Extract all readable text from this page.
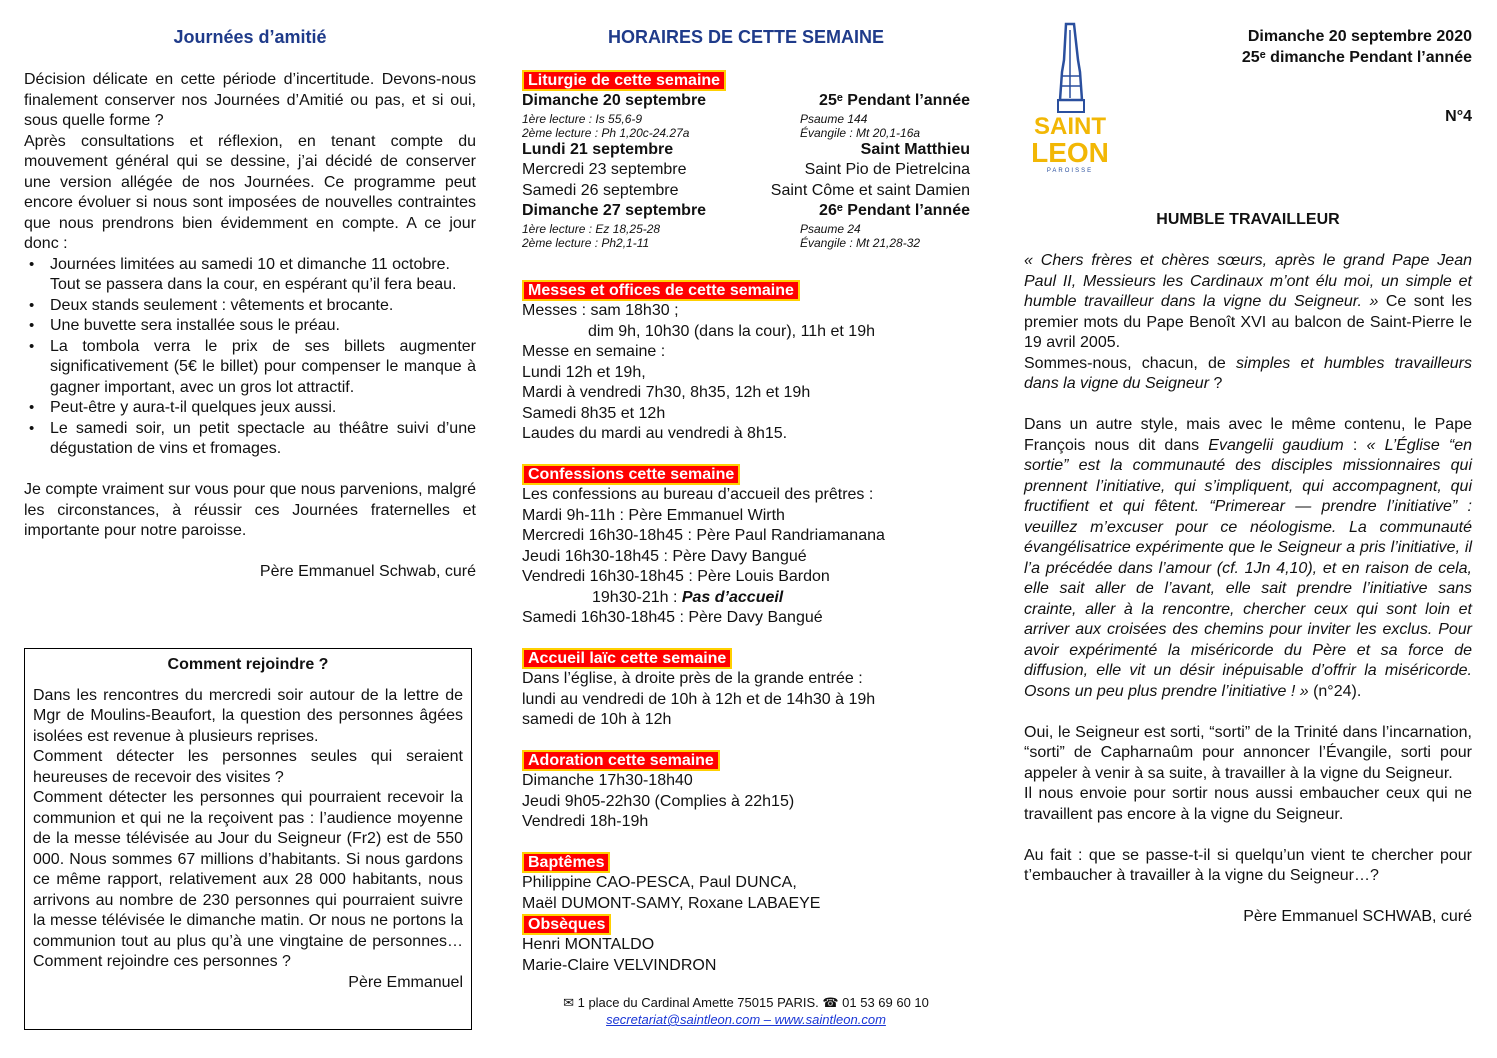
Journées d’amitié

Décision délicate en cette période d’incertitude. Devons-nous finalement conserver nos Journées d’Amitié ou pas, et si oui, sous quelle forme ?

Après consultations et réflexion, en tenant compte du mouvement général qui se dessine, j’ai décidé de conserver une version allégée de nos Journées. Ce programme peut encore évoluer si nous sont imposées de nouvelles contraintes que nous prendrons bien évidemment en compte. A ce jour donc :

• Journées limitées au samedi 10 et dimanche 11 octobre.
Tout se passera dans la cour, en espérant qu’il fera beau.
• Deux stands seulement : vêtements et brocante.
• Une buvette sera installée sous le préau.
• La tombola verra le prix de ses billets augmenter significativement (5€ le billet) pour compenser le manque à gagner important, avec un gros lot attractif.
• Peut-être y aura-t-il quelques jeux aussi.
• Le samedi soir, un petit spectacle au théâtre suivi d’une dégustation de vins et fromages.

Je compte vraiment sur vous pour que nous parvenions, malgré les circonstances, à réussir ces Journées fraternelles et importante pour notre paroisse.

Père Emmanuel Schwab, curé

Comment rejoindre ?

Dans les rencontres du mercredi soir autour de la lettre de Mgr de Moulins-Beaufort, la question des personnes âgées isolées est revenue à plusieurs reprises.

Comment détecter les personnes seules qui seraient heureuses de recevoir des visites ?

Comment détecter les personnes qui pourraient recevoir la communion et qui ne la reçoivent pas : l’audience moyenne de la messe télévisée au Jour du Seigneur (Fr2) est de 550 000. Nous sommes 67 millions d’habitants. Si nous gardons ce même rapport, relativement aux 28 000 habitants, nous arrivons au nombre de 230 personnes qui pourraient suivre la messe télévisée le dimanche matin. Or nous ne portons la communion tout au plus qu’à une vingtaine de personnes… Comment rejoindre ces personnes ?

Père Emmanuel

HORAIRES DE CETTE SEMAINE
Liturgie de cette semaine
Dimanche 20 septembre	25ᵉ Pendant l’année
1ère lecture : Is 55,6-9	Psaume 144
2ème lecture : Ph 1,20c-24.27a	Évangile : Mt 20,1-16a
Lundi 21 septembre	Saint Matthieu
Mercredi 23 septembre	Saint Pio de Pietrelcina
Samedi 26 septembre	Saint Côme et saint Damien
Dimanche 27 septembre	26ᵉ Pendant l’année
1ère lecture : Ez 18,25-28	Psaume 24
2ème lecture : Ph2,1-11	Évangile : Mt 21,28-32
Messes et offices de cette semaine
Messes : sam 18h30 ;
dim 9h, 10h30 (dans la cour), 11h et 19h
Messe en semaine :
Lundi 12h et 19h,
Mardi à vendredi 7h30, 8h35, 12h et 19h
Samedi 8h35 et 12h
Laudes du mardi au vendredi à 8h15.
Confessions cette semaine
Les confessions au bureau d’accueil des prêtres :
Mardi 9h-11h : Père Emmanuel Wirth
Mercredi 16h30-18h45 : Père Paul Randriamanana
Jeudi 16h30-18h45 : Père Davy Bangué
Vendredi 16h30-18h45 : Père Louis Bardon
19h30-21h : Pas d’accueil
Samedi 16h30-18h45 : Père Davy Bangué
Accueil laïc cette semaine
Dans l’église, à droite près de la grande entrée :
lundi au vendredi de 10h à 12h et de 14h30 à 19h
samedi de 10h à 12h
Adoration cette semaine
Dimanche 17h30-18h40
Jeudi 9h05-22h30 (Complies à 22h15)
Vendredi 18h-19h
Baptêmes
Philippine CAO-PESCA, Paul DUNCA,
Maël DUMONT-SAMY, Roxane LABAEYE
Obsèques
Henri MONTALDO
Marie-Claire VELVINDRON
✉ 1 place du Cardinal Amette 75015 PARIS. ☎ 01 53 69 60 10
secretariat@saintleon.com – www.saintleon.com
SAINT
LEON
PAROISSE
Dimanche 20 septembre 2020
25ᵉ dimanche Pendant l’année
N°4
HUMBLE TRAVAILLEUR

« Chers frères et chères sœurs, après le grand Pape Jean Paul II, Messieurs les Cardinaux m’ont élu moi, un simple et humble travailleur dans la vigne du Seigneur. » Ce sont les premier mots du Pape Benoît XVI au balcon de Saint-Pierre le 19 avril 2005.

Sommes-nous, chacun, de simples et humbles travailleurs dans la vigne du Seigneur ?

Dans un autre style, mais avec le même contenu, le Pape François nous dit dans Evangelii gaudium : « L’Église “en sortie” est la communauté des disciples missionnaires qui prennent l’initiative, qui s’impliquent, qui accompagnent, qui fructifient et qui fêtent. “Primerear — prendre l’initiative” : veuillez m’excuser pour ce néologisme. La communauté évangélisatrice expérimente que le Seigneur a pris l’initiative, il l’a précédée dans l’amour (cf. 1Jn 4,10), et en raison de cela, elle sait aller de l’avant, elle sait prendre l’initiative sans crainte, aller à la rencontre, chercher ceux qui sont loin et arriver aux croisées des chemins pour inviter les exclus. Pour avoir expérimenté la miséricorde du Père et sa force de diffusion, elle vit un désir inépuisable d’offrir la miséricorde. Osons un peu plus prendre l’initiative ! » (n°24).

Oui, le Seigneur est sorti, “sorti” de la Trinité dans l’incarnation, “sorti” de Capharnaûm pour annoncer l’Évangile, sorti pour appeler à venir à sa suite, à travailler à la vigne du Seigneur.

Il nous envoie pour sortir nous aussi embaucher ceux qui ne travaillent pas encore à la vigne du Seigneur.

Au fait : que se passe-t-il si quelqu’un vient te chercher pour t’embaucher à travailler à la vigne du Seigneur…?

Père Emmanuel SCHWAB, curé
